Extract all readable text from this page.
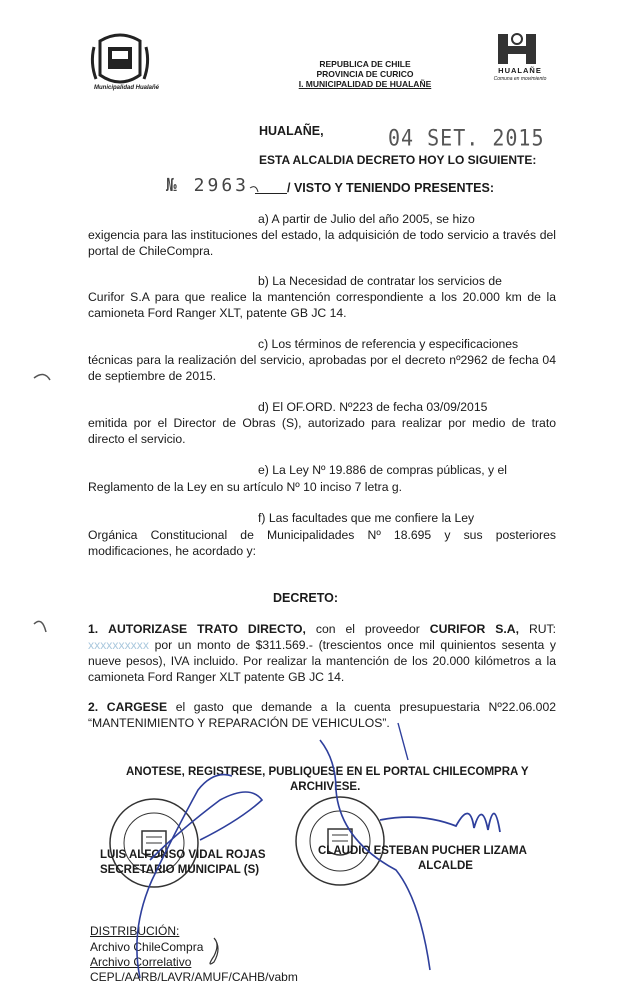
Municipalidad Hualañé
REPUBLICA DE CHILE
PROVINCIA DE CURICO
I. MUNICIPALIDAD DE HUALAÑE
HUALAÑE
Comuna en movimiento
HUALAÑE,	04 SET. 2015
ESTA ALCALDIA DECRETO HOY LO SIGUIENTE:
№ 2963	/ VISTO Y TENIENDO PRESENTES:
a) A partir de Julio del año 2005, se hizo
exigencia para las instituciones del estado, la adquisición de todo servicio a través del portal de ChileCompra.
b) La Necesidad de contratar los servicios de
Curifor S.A para que realice la mantención correspondiente a los 20.000 km de la camioneta Ford Ranger XLT, patente GB JC 14.
c) Los términos de referencia y especificaciones
técnicas para la realización del servicio, aprobadas por el decreto nº2962 de fecha 04 de septiembre de 2015.
d) El OF.ORD. Nº223 de fecha 03/09/2015
emitida por el Director de Obras (S), autorizado para realizar por medio de trato directo el servicio.
e) La Ley Nº 19.886 de compras públicas, y el
Reglamento de la Ley en su artículo Nº 10 inciso 7 letra g.
f) Las facultades que me confiere la Ley
Orgánica Constitucional de Municipalidades Nº 18.695 y sus posteriores modificaciones, he acordado y:
DECRETO:
1. AUTORIZASE TRATO DIRECTO, con el proveedor CURIFOR S.A, RUT: xxxxxxxxxx por un monto de $311.569.- (trescientos once mil quinientos sesenta y nueve pesos), IVA incluido. Por realizar la mantención de los 20.000 kilómetros a la camioneta Ford Ranger XLT patente GB JC 14.
2. CARGESE el gasto que demande a la cuenta presupuestaria Nº22.06.002 “MANTENIMIENTO Y REPARACIÓN DE VEHICULOS”.
ANOTESE, REGISTRESE, PUBLIQUESE EN EL PORTAL CHILECOMPRA Y
ARCHIVESE.
LUIS ALFONSO VIDAL ROJAS
SECRETARIO MUNICIPAL (S)
CLAUDIO ESTEBAN PUCHER LIZAMA
ALCALDE
DISTRIBUCIÓN:
Archivo ChileCompra
Archivo Correlativo
CEPL/AARB/LAVR/AMUF/CAHB/vabm
